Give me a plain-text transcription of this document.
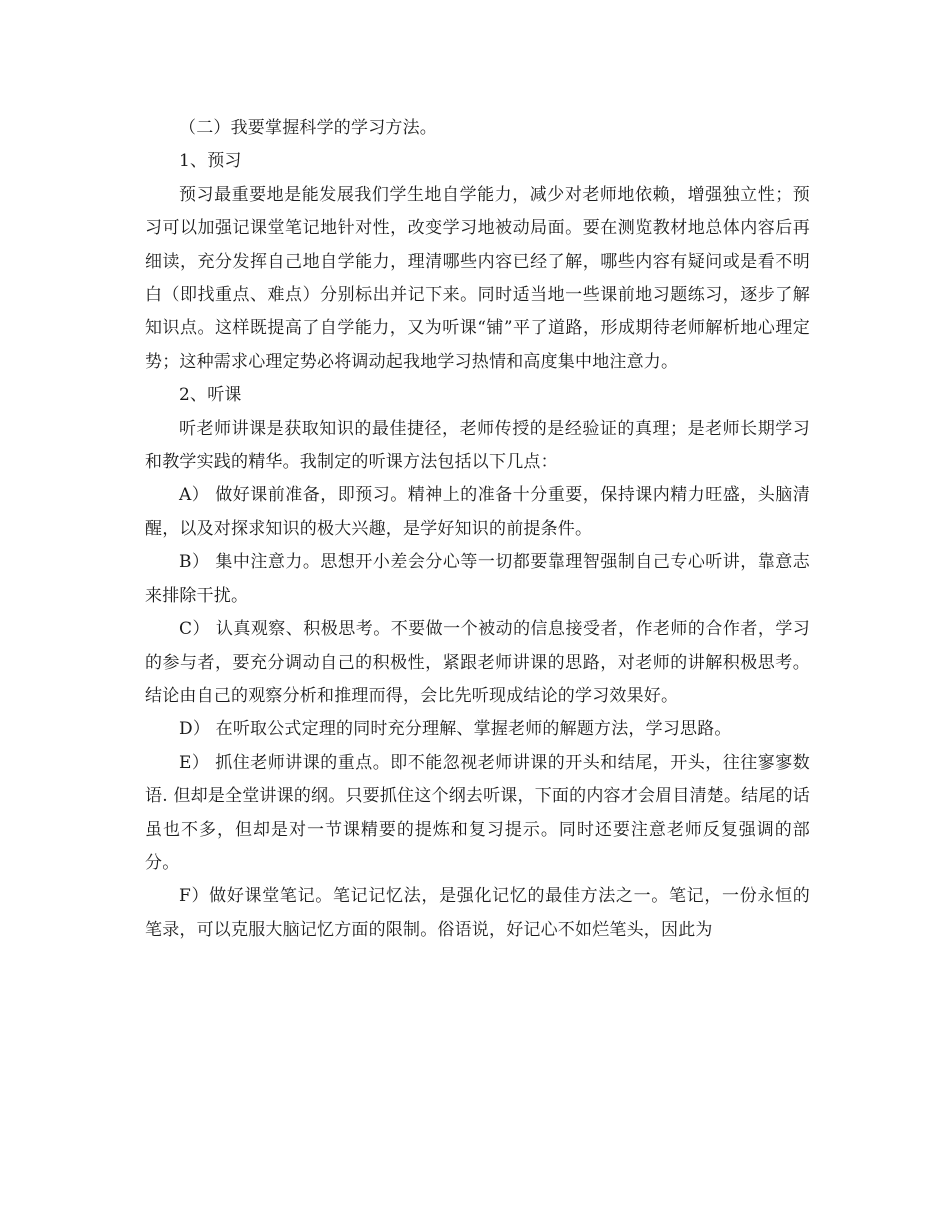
（二）我要掌握科学的学习方法。

1、预习

预习最重要地是能发展我们学生地自学能力，减少对老师地依赖，增强独立性；预习可以加强记课堂笔记地针对性，改变学习地被动局面。要在测览教材地总体内容后再细读，充分发挥自己地自学能力，理清哪些内容已经了解，哪些内容有疑问或是看不明白（即找重点、难点）分别标出并记下来。同时适当地一些课前地习题练习，逐步了解知识点。这样既提高了自学能力，又为听课“铺”平了道路，形成期待老师解析地心理定势；这种需求心理定势必将调动起我地学习热情和高度集中地注意力。

2、听课

听老师讲课是获取知识的最佳捷径，老师传授的是经验证的真理；是老师长期学习和教学实践的精华。我制定的听课方法包括以下几点：

A） 做好课前准备，即预习。精神上的准备十分重要，保持课内精力旺盛，头脑清醒，以及对探求知识的极大兴趣，是学好知识的前提条件。

B） 集中注意力。思想开小差会分心等一切都要靠理智强制自己专心听讲，靠意志来排除干扰。

C） 认真观察、积极思考。不要做一个被动的信息接受者，作老师的合作者，学习的参与者，要充分调动自己的积极性，紧跟老师讲课的思路，对老师的讲解积极思考。结论由自己的观察分析和推理而得，会比先听现成结论的学习效果好。

D） 在听取公式定理的同时充分理解、掌握老师的解题方法，学习思路。

E） 抓住老师讲课的重点。即不能忽视老师讲课的开头和结尾，开头，往往寥寥数语. 但却是全堂讲课的纲。只要抓住这个纲去听课，下面的内容才会眉目清楚。结尾的话虽也不多，但却是对一节课精要的提炼和复习提示。同时还要注意老师反复强调的部分。

F）做好课堂笔记。笔记记忆法，是强化记忆的最佳方法之一。笔记，一份永恒的笔录，可以克服大脑记忆方面的限制。俗语说，好记心不如烂笔头，因此为
